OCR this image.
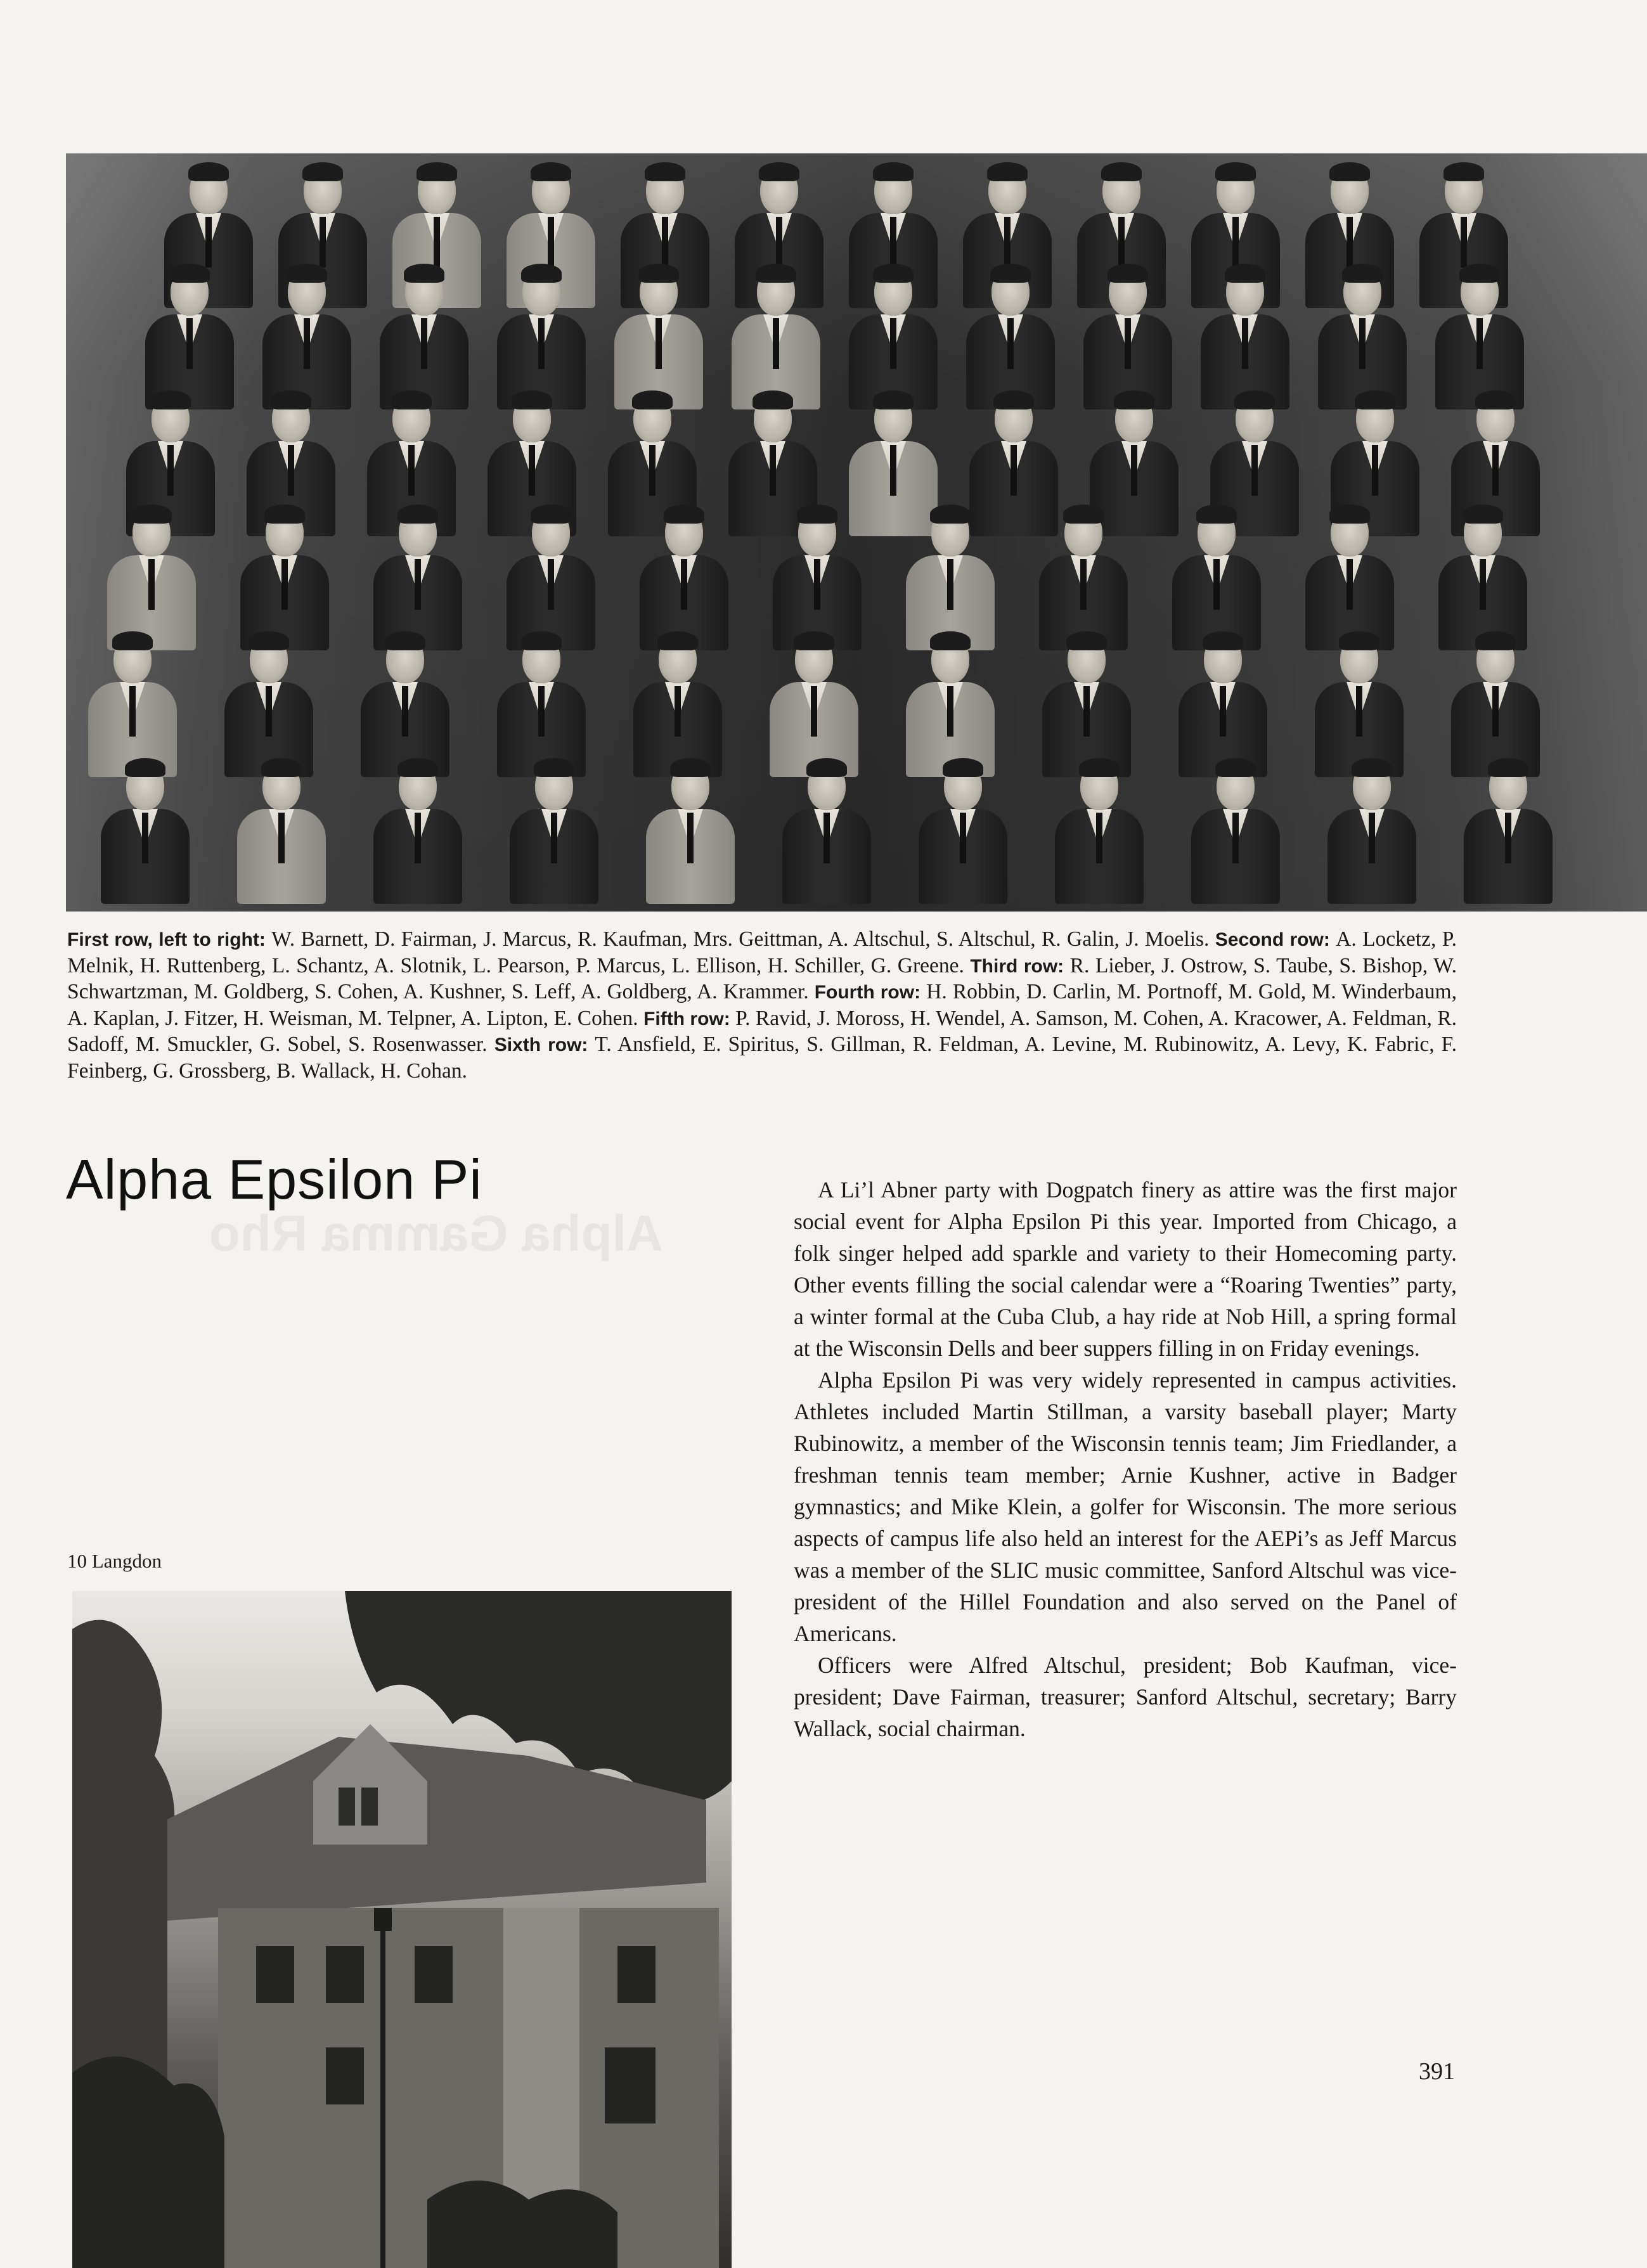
First row, left to right: W. Barnett, D. Fairman, J. Marcus, R. Kaufman, Mrs. Geittman, A. Altschul, S. Altschul, R. Galin, J. Moelis. Second row: A. Locketz, P. Melnik, H. Ruttenberg, L. Schantz, A. Slotnik, L. Pearson, P. Marcus, L. Ellison, H. Schiller, G. Greene. Third row: R. Lieber, J. Ostrow, S. Taube, S. Bishop, W. Schwartzman, M. Goldberg, S. Cohen, A. Kushner, S. Leff, A. Goldberg, A. Krammer. Fourth row: H. Robbin, D. Carlin, M. Portnoff, M. Gold, M. Winderbaum, A. Kaplan, J. Fitzer, H. Weisman, M. Telpner, A. Lipton, E. Cohen. Fifth row: P. Ravid, J. Moross, H. Wendel, A. Samson, M. Cohen, A. Kracower, A. Feldman, R. Sadoff, M. Smuckler, G. Sobel, S. Rosenwasser. Sixth row: T. Ansfield, E. Spiritus, S. Gillman, R. Feldman, A. Levine, M. Rubinowitz, A. Levy, K. Fabric, F. Feinberg, G. Grossberg, B. Wallack, H. Cohan.
Alpha Gamma Rho
Alpha Epsilon Pi
10 Langdon

A Li’l Abner party with Dogpatch finery as attire was the first major social event for Alpha Epsilon Pi this year. Imported from Chicago, a folk singer helped add sparkle and variety to their Homecoming party. Other events filling the social calendar were a “Roaring Twenties” party, a winter formal at the Cuba Club, a hay ride at Nob Hill, a spring formal at the Wisconsin Dells and beer suppers filling in on Friday evenings.

Alpha Epsilon Pi was very widely represented in campus activities. Athletes included Martin Stillman, a varsity baseball player; Marty Rubinowitz, a member of the Wisconsin tennis team; Jim Friedlander, a freshman tennis team member; Arnie Kushner, active in Badger gymnastics; and Mike Klein, a golfer for Wisconsin. The more serious aspects of campus life also held an interest for the AEPi’s as Jeff Marcus was a member of the SLIC music committee, Sanford Altschul was vice-president of the Hillel Foundation and also served on the Panel of Americans.

Officers were Alfred Altschul, president; Bob Kaufman, vice-president; Dave Fairman, treasurer; Sanford Altschul, secretary; Barry Wallack, social chairman.

391
